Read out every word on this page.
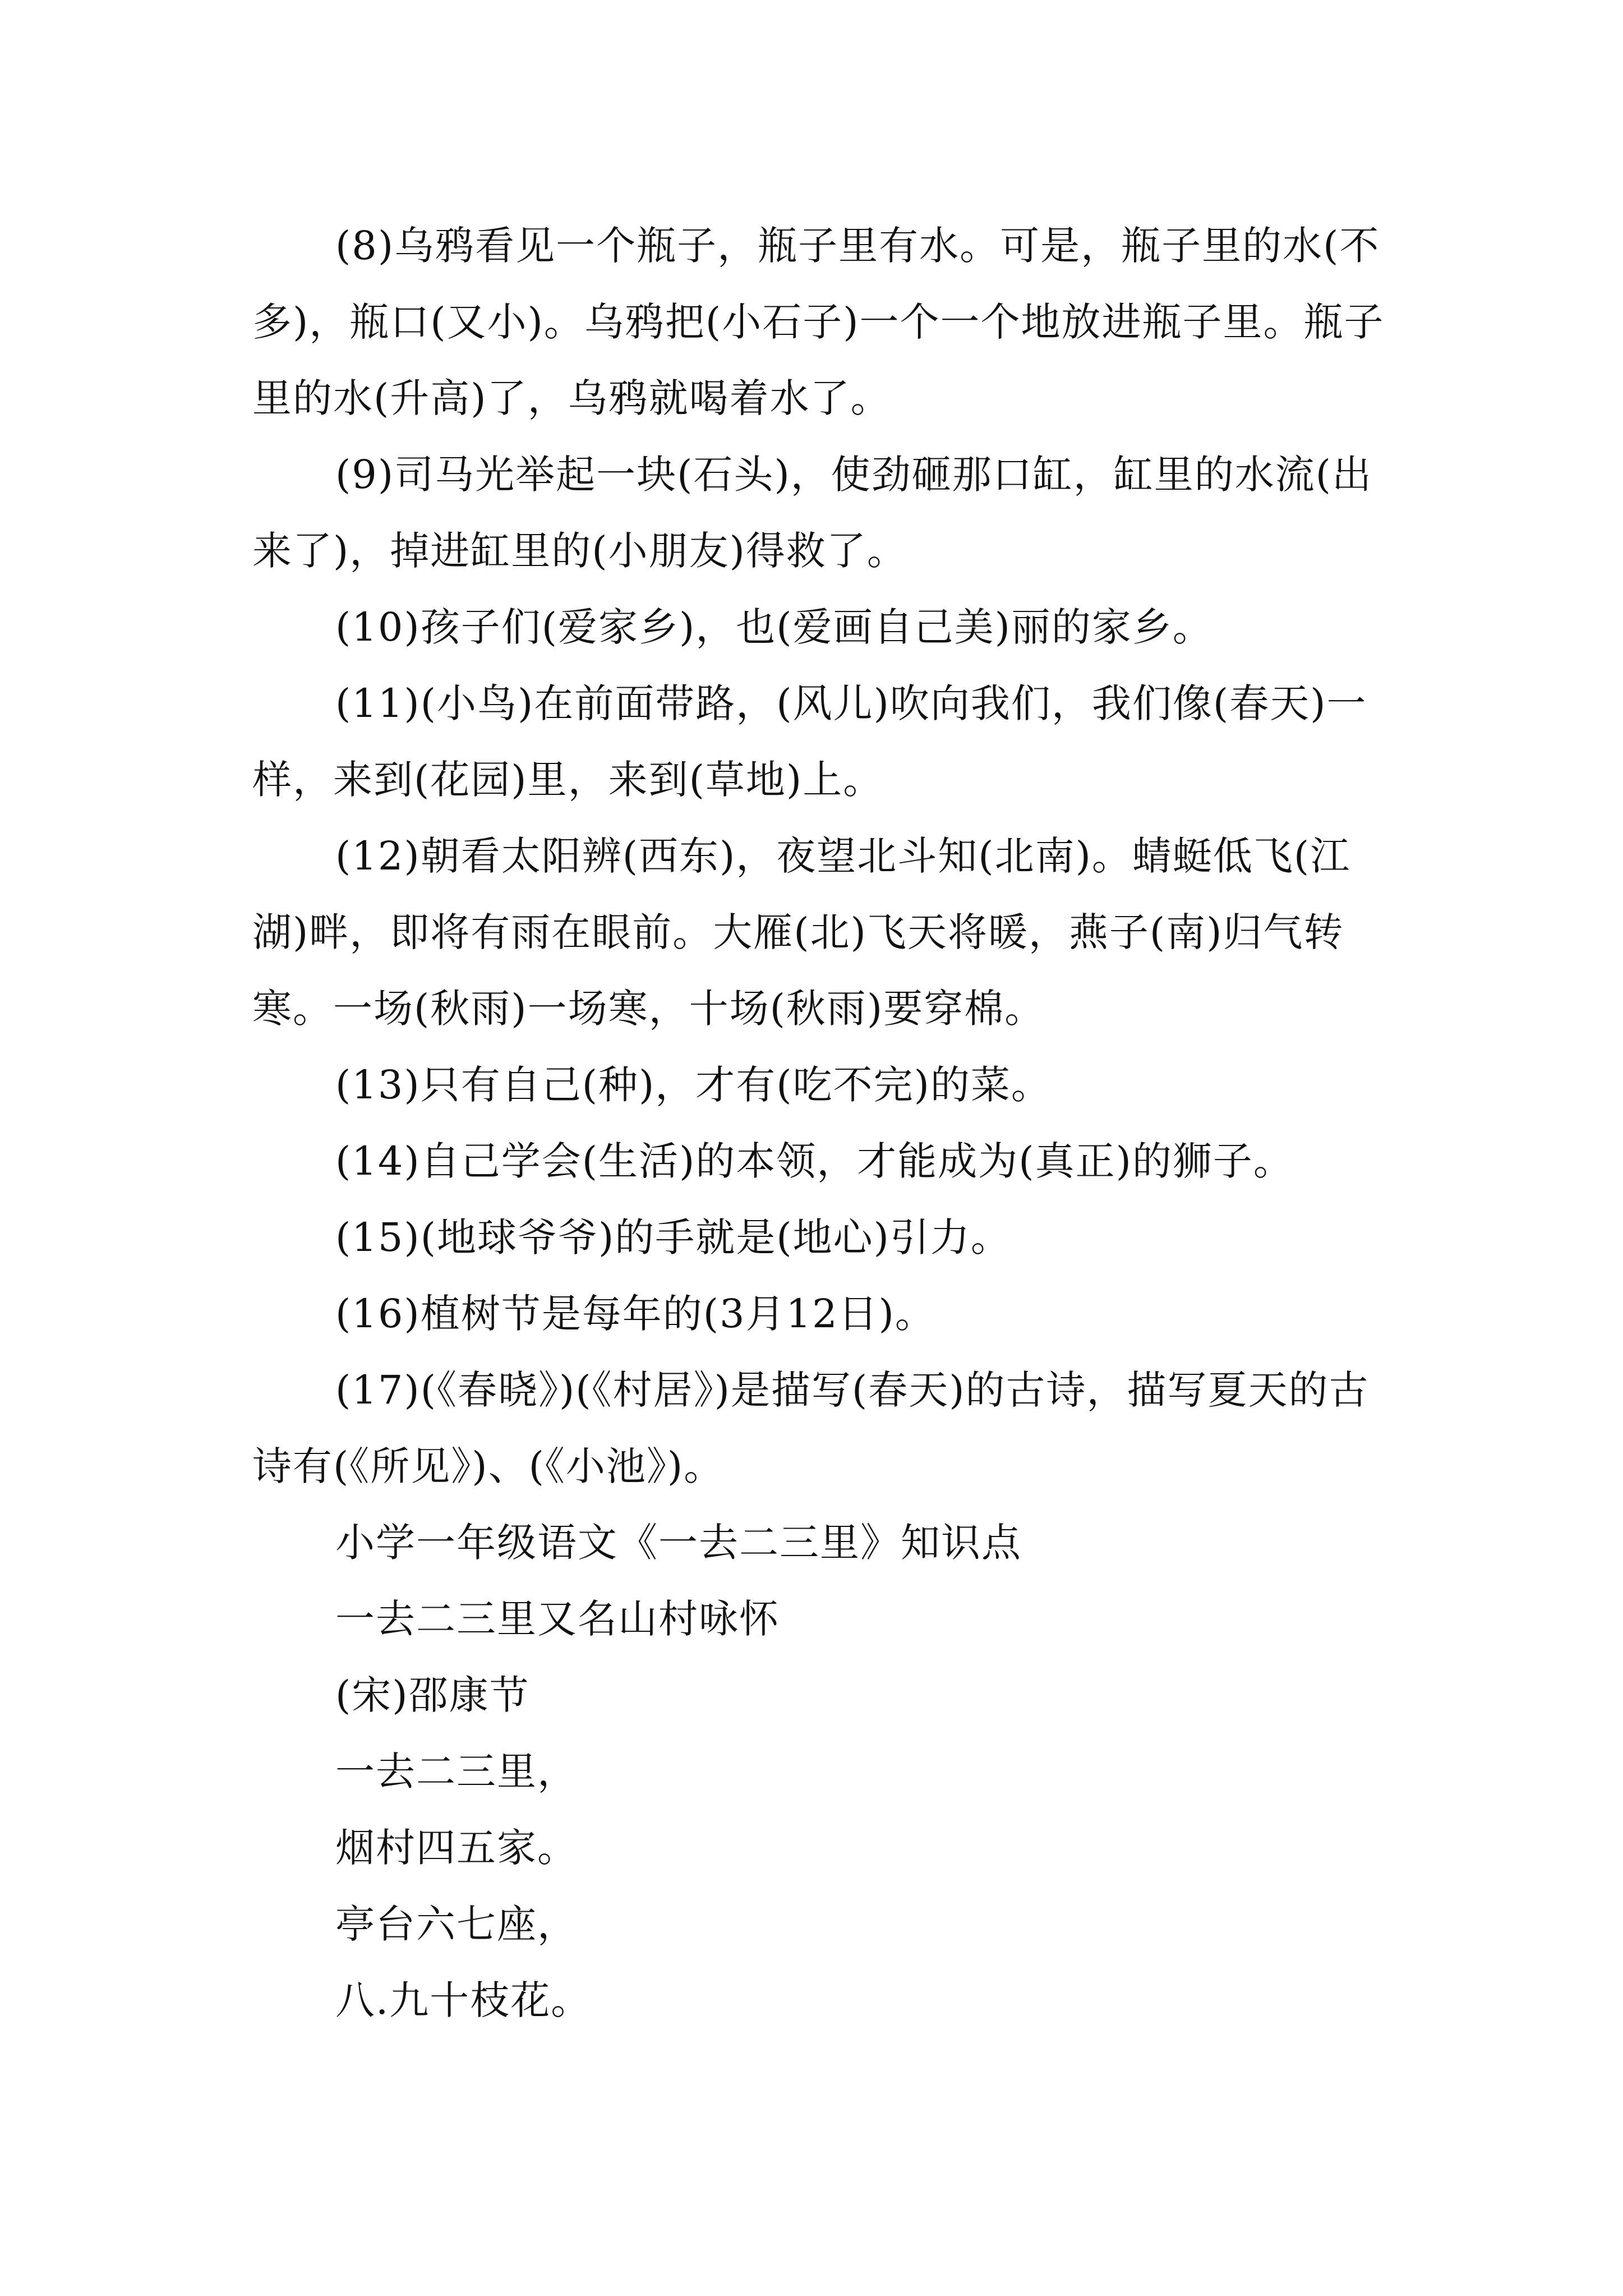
(8)乌鸦看见一个瓶子，瓶子里有水。可是，瓶子里的水(不多)，瓶口(又小)。乌鸦把(小石子)一个一个地放进瓶子里。瓶子里的水(升高)了，乌鸦就喝着水了。

(9)司马光举起一块(石头)，使劲砸那口缸，缸里的水流(出来了)，掉进缸里的(小朋友)得救了。

(10)孩子们(爱家乡)，也(爱画自己美)丽的家乡。

(11)(小鸟)在前面带路，(风儿)吹向我们，我们像(春天)一样，来到(花园)里，来到(草地)上。

(12)朝看太阳辨(西东)，夜望北斗知(北南)。蜻蜓低飞(江湖)畔，即将有雨在眼前。大雁(北)飞天将暖，燕子(南)归气转寒。一场(秋雨)一场寒，十场(秋雨)要穿棉。

(13)只有自己(种)，才有(吃不完)的菜。

(14)自己学会(生活)的本领，才能成为(真正)的狮子。

(15)(地球爷爷)的手就是(地心)引力。

(16)植树节是每年的(3月12日)。

(17)(《春晓》)(《村居》)是描写(春天)的古诗，描写夏天的古诗有(《所见》)、(《小池》)。

小学一年级语文《一去二三里》知识点

一去二三里又名山村咏怀

(宋)邵康节

一去二三里，

烟村四五家。

亭台六七座，

八.九十枝花。
